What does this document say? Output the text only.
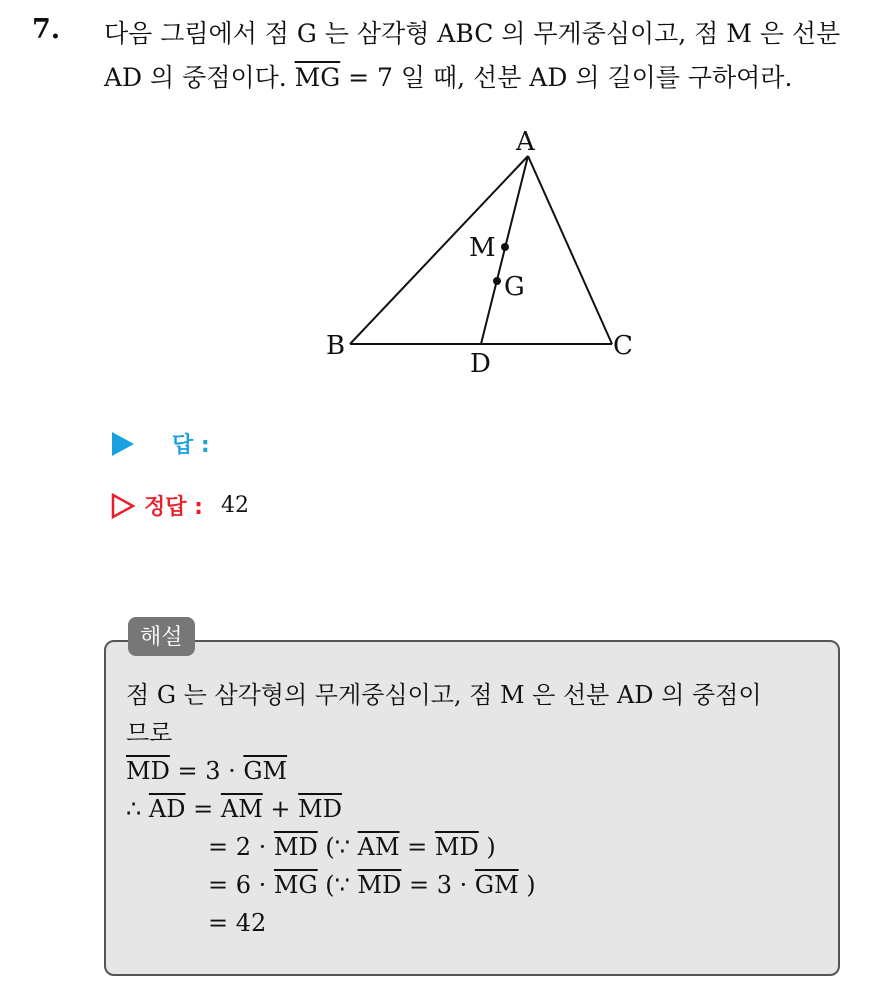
7. 다음 그림에서 점 G 는 삼각형 ABC 의 무게중심이고, 점 M 은 선분
AD 의 중점이다. $\overline{MG} = 7$ 일 때, 선분 AD 의 길이를 구하여라.
A
B	C
D
M
G
답 :
정답 : 42
해설
점 G 는 삼각형의 무게중심이고, 점 M 은 선분 AD 의 중점이
므로
$\overline{MD} = 3 \cdot \overline{GM}$
∴ $\overline{AD} = \overline{AM} + \overline{MD}$
= $2 \cdot \overline{MD}$ (∵ $\overline{AM} = \overline{MD}$ )
= $6 \cdot \overline{MG}$ (∵ $\overline{MD} = 3 \cdot \overline{GM}$ )
= 42
